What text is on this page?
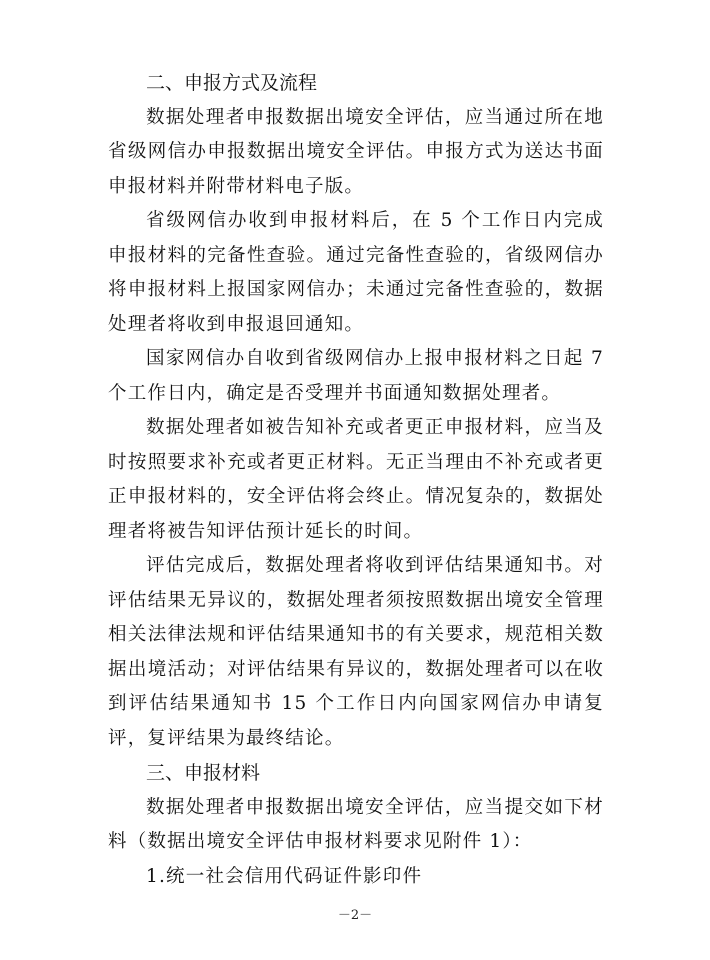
二、申报方式及流程

数据处理者申报数据出境安全评估，应当通过所在地省级网信办申报数据出境安全评估。申报方式为送达书面申报材料并附带材料电子版。

省级网信办收到申报材料后，在 5 个工作日内完成申报材料的完备性查验。通过完备性查验的，省级网信办将申报材料上报国家网信办；未通过完备性查验的，数据处理者将收到申报退回通知。

国家网信办自收到省级网信办上报申报材料之日起 7 个工作日内，确定是否受理并书面通知数据处理者。

数据处理者如被告知补充或者更正申报材料，应当及时按照要求补充或者更正材料。无正当理由不补充或者更正申报材料的，安全评估将会终止。情况复杂的，数据处理者将被告知评估预计延长的时间。

评估完成后，数据处理者将收到评估结果通知书。对评估结果无异议的，数据处理者须按照数据出境安全管理相关法律法规和评估结果通知书的有关要求，规范相关数据出境活动；对评估结果有异议的，数据处理者可以在收到评估结果通知书 15 个工作日内向国家网信办申请复评，复评结果为最终结论。

三、申报材料

数据处理者申报数据出境安全评估，应当提交如下材料（数据出境安全评估申报材料要求见附件 1）：

1.统一社会信用代码证件影印件

－2－
